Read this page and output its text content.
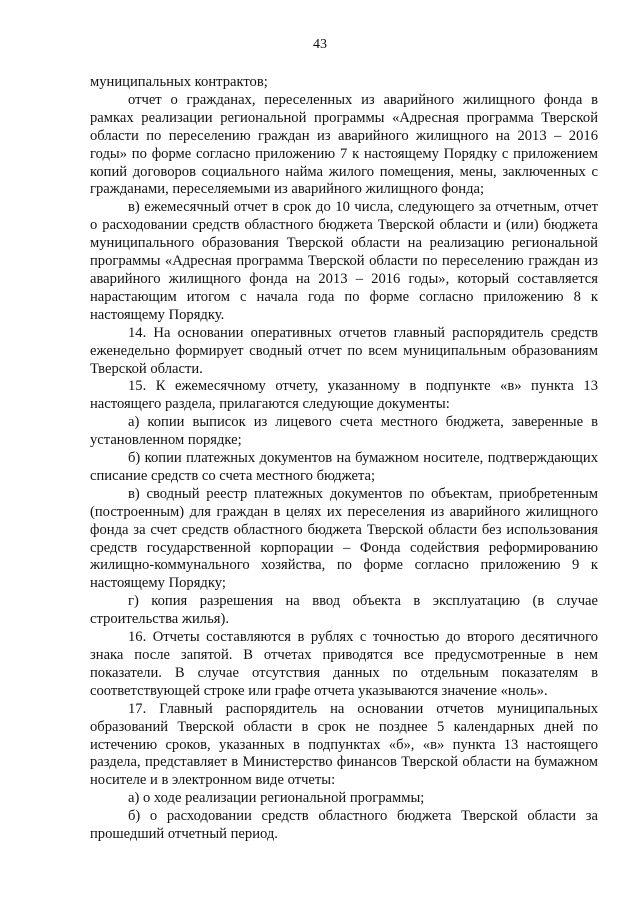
43

муниципальных контрактов;

отчет о гражданах, переселенных из аварийного жилищного фонда в рамках реализации региональной программы «Адресная программа Тверской области по переселению граждан из аварийного жилищного на 2013 – 2016 годы» по форме согласно приложению 7 к настоящему Порядку с приложением копий договоров социального найма жилого помещения, мены, заключенных с гражданами, переселяемыми из аварийного жилищного фонда;

в) ежемесячный отчет в срок до 10 числа, следующего за отчетным, отчет о расходовании средств областного бюджета Тверской области и (или) бюджета муниципального образования Тверской области на реализацию региональной программы «Адресная программа Тверской области по переселению граждан из аварийного жилищного фонда на 2013 – 2016 годы», который составляется нарастающим итогом с начала года по форме согласно приложению 8 к настоящему Порядку.

14. На основании оперативных отчетов главный распорядитель средств еженедельно формирует сводный отчет по всем муниципальным образованиям Тверской области.

15. К ежемесячному отчету, указанному в подпункте «в» пункта 13 настоящего раздела, прилагаются следующие документы:

а) копии выписок из лицевого счета местного бюджета, заверенные в установленном порядке;

б) копии платежных документов на бумажном носителе, подтверждающих списание средств со счета местного бюджета;

в) сводный реестр платежных документов по объектам, приобретенным (построенным) для граждан в целях их переселения из аварийного жилищного фонда за счет средств областного бюджета Тверской области без использования средств государственной корпорации – Фонда содействия реформированию жилищно-коммунального хозяйства, по форме согласно приложению 9 к настоящему Порядку;

г) копия разрешения на ввод объекта в эксплуатацию (в случае строительства жилья).

16. Отчеты составляются в рублях с точностью до второго десятичного знака после запятой. В отчетах приводятся все предусмотренные в нем показатели. В случае отсутствия данных по отдельным показателям в соответствующей строке или графе отчета указываются значение «ноль».

17. Главный распорядитель на основании отчетов муниципальных образований Тверской области в срок не позднее 5 календарных дней по истечению сроков, указанных в подпунктах «б», «в» пункта 13 настоящего раздела, представляет в Министерство финансов Тверской области на бумажном носителе и в электронном виде отчеты:

а) о ходе реализации региональной программы;

б) о расходовании средств областного бюджета Тверской области за прошедший отчетный период.
